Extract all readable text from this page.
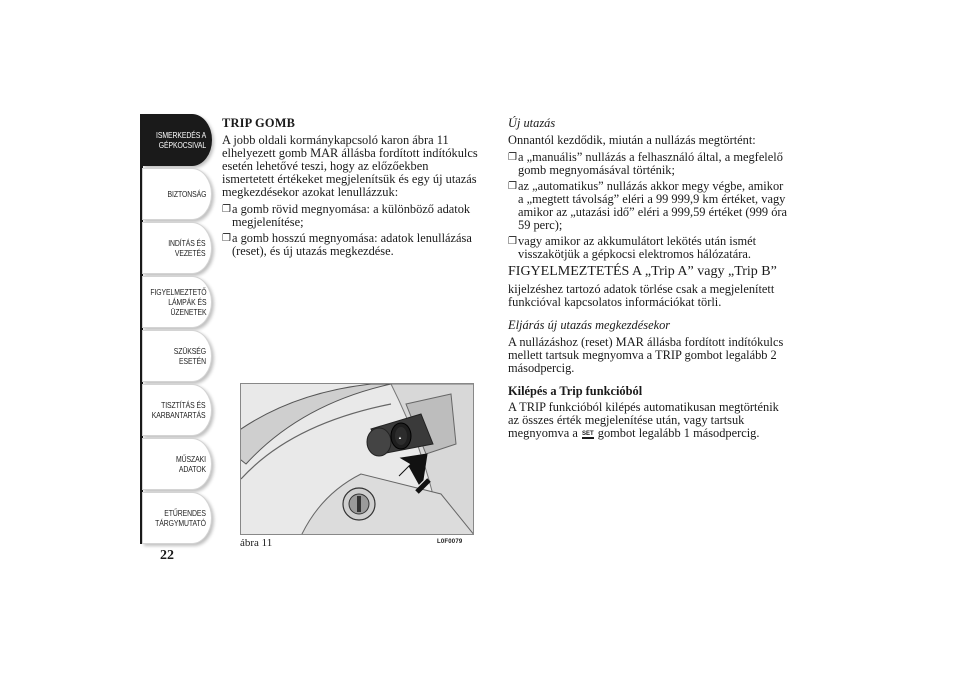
ISMERKEDÉS A
GÉPKOCSIVAL
BIZTONSÁG
INDÍTÁS ÉS
VEZETÉS
FIGYELMEZTETŐ
LÁMPÁK ÉS
ÜZENETEK
SZÜKSÉG ESETÉN
TISZTÍTÁS ÉS
KARBANTARTÁS
MŰSZAKI ADATOK
ETŰRENDES
TÁRGYMUTATÓ
22
TRIP GOMB

A jobb oldali kormánykapcsoló karon ábra 11 elhelyezett gomb MAR állásba fordított indítókulcs esetén lehetővé teszi, hogy az előzőekben ismertetett értékeket megjelenítsük és egy új utazás megkezdésekor azokat lenullázzuk:

❐ a gomb rövid megnyomása: a különböző adatok megjelenítése;
❐ a gomb hosszú megnyomása: adatok lenullázása (reset), és új utazás megkezdése.
▲
ábra 11	L0F0079

Új utazás

Onnantól kezdődik, miután a nullázás megtörtént:

❐ a „manuális” nullázás a felhasználó által, a megfelelő gomb megnyomásával történik;
❐ az „automatikus” nullázás akkor megy végbe, amikor a „megtett távolság” eléri a 99 999,9 km értéket, vagy amikor az „utazási idő” eléri a 999,59 értéket (999 óra 59 perc);
❐ vagy amikor az akkumulátort lekötés után ismét visszakötjük a gépkocsi elektromos hálózatára.

FIGYELMEZTETÉS A „Trip A” vagy „Trip B”

kijelzéshez tartozó adatok törlése csak a megjelenített funkcióval kapcsolatos információkat törli.

Eljárás új utazás megkezdésekor

A nullázáshoz (reset) MAR állásba fordított indítókulcs mellett tartsuk megnyomva a TRIP gombot legalább 2 másodpercig.

Kilépés a Trip funkcióból

A TRIP funkcióból kilépés automatikusan megtörténik az összes érték megjelenítése után, vagy tartsuk megnyomva a SET gombot legalább 1 másodpercig.
